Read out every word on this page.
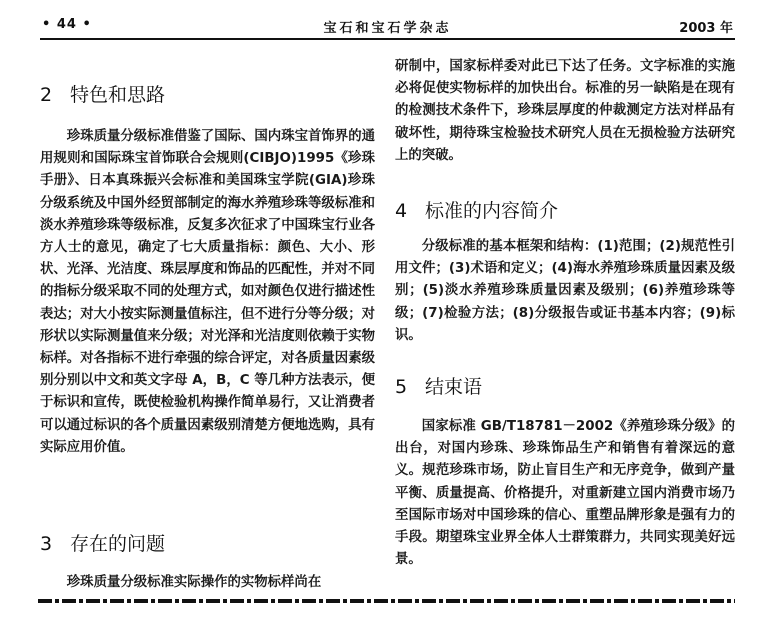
• 44 •	宝石和宝石学杂志	2003 年
2 特色和思路

珍珠质量分级标准借鉴了国际、国内珠宝首饰界的通用规则和国际珠宝首饰联合会规则(CIBJO)1995《珍珠手册》、日本真珠振兴会标准和美国珠宝学院(GIA)珍珠分级系统及中国外经贸部制定的海水养殖珍珠等级标准和淡水养殖珍珠等级标准，反复多次征求了中国珠宝行业各方人士的意见，确定了七大质量指标：颜色、大小、形状、光泽、光洁度、珠层厚度和饰品的匹配性，并对不同的指标分级采取不同的处理方式，如对颜色仅进行描述性表达；对大小按实际测量值标注，但不进行分等分级；对形状以实际测量值来分级；对光泽和光洁度则依赖于实物标样。对各指标不进行牵强的综合评定，对各质量因素级别分别以中文和英文字母 A，B，C 等几种方法表示，便于标识和宣传，既使检验机构操作简单易行，又让消费者可以通过标识的各个质量因素级别清楚方便地选购，具有实际应用价值。

3 存在的问题

珍珠质量分级标准实际操作的实物标样尚在

研制中，国家标样委对此已下达了任务。文字标准的实施必将促使实物标样的加快出台。标准的另一缺陷是在现有的检测技术条件下，珍珠层厚度的仲裁测定方法对样品有破坏性，期待珠宝检验技术研究人员在无损检验方法研究上的突破。

4 标准的内容简介

分级标准的基本框架和结构：(1)范围；(2)规范性引用文件；(3)术语和定义；(4)海水养殖珍珠质量因素及级别；(5)淡水养殖珍珠质量因素及级别；(6)养殖珍珠等级；(7)检验方法；(8)分级报告或证书基本内容；(9)标识。

5 结束语

国家标准 GB/T18781－2002《养殖珍珠分级》的出台，对国内珍珠、珍珠饰品生产和销售有着深远的意义。规范珍珠市场，防止盲目生产和无序竞争，做到产量平衡、质量提高、价格提升，对重新建立国内消费市场乃至国际市场对中国珍珠的信心、重塑品牌形象是强有力的手段。期望珠宝业界全体人士群策群力，共同实现美好远景。
